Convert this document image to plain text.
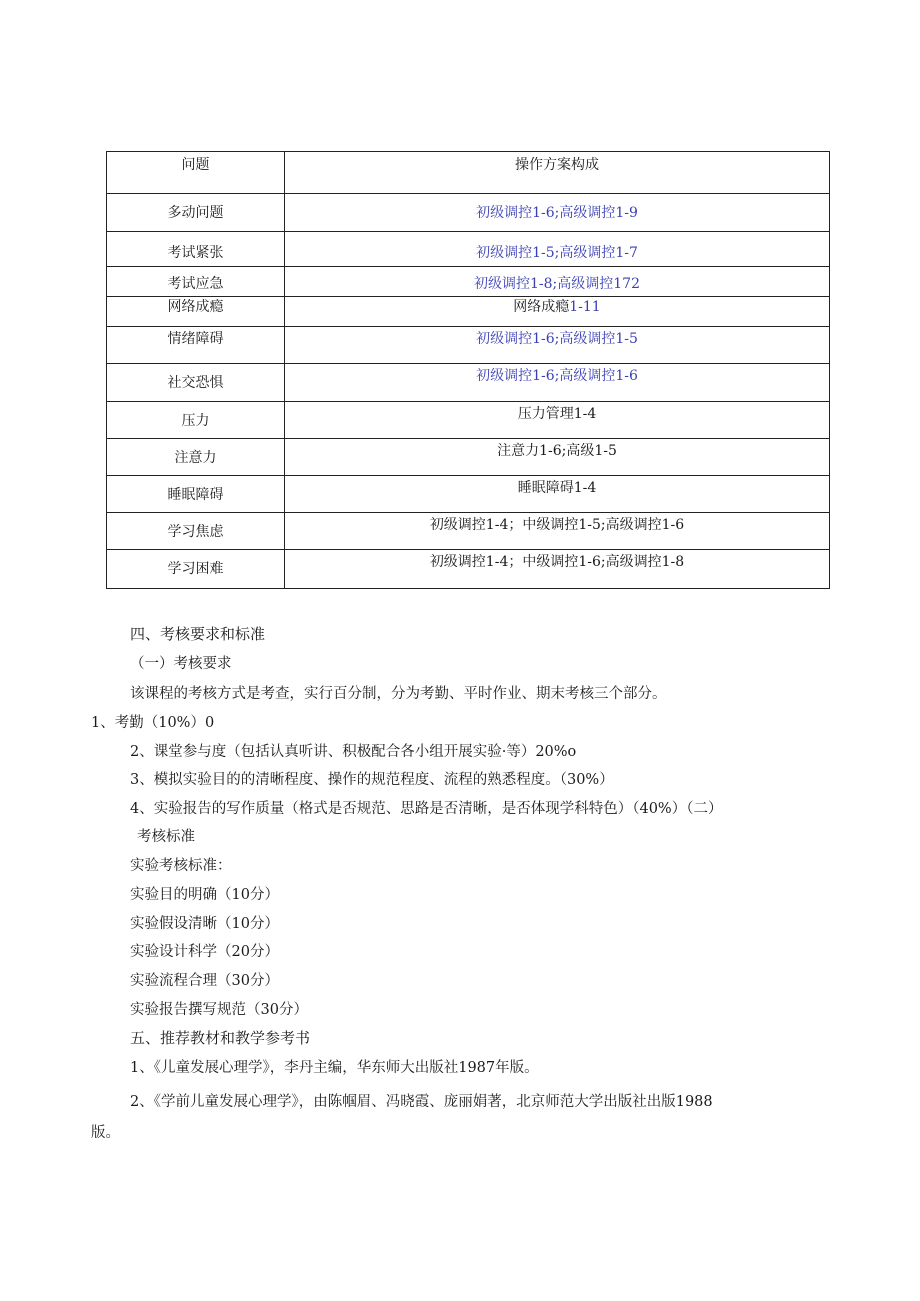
问题	操作方案构成

多动问题	初级调控1-6;高级调控1-9

考试紧张	初级调控1-5;高级调控1-7

考试应急	初级调控1-8;高级调控172

网络成瘾	网络成瘾1-11

情绪障碍	初级调控1-6;高级调控1-5

社交恐惧	初级调控1-6;高级调控1-6

压力	压力管理1-4

注意力	注意力1-6;高级1-5

睡眠障碍	睡眠障碍1-4

学习焦虑	初级调控1-4；中级调控1-5;高级调控1-6

学习困难	初级调控1-4；中级调控1-6;高级调控1-8
四、考核要求和标准
（一）考核要求
该课程的考核方式是考查，实行百分制，分为考勤、平时作业、期末考核三个部分。
1、考勤（10%）0
2、课堂参与度（包括认真听讲、积极配合各小组开展实验·等）20%o
3、模拟实验目的的清晰程度、操作的规范程度、流程的熟悉程度。（30%）
4、实验报告的写作质量（格式是否规范、思路是否清晰，是否体现学科特色）（40%）（二）
考核标准
实验考核标准：
实验目的明确（10分）
实验假设清晰（10分）
实验设计科学（20分）
实验流程合理（30分）
实验报告撰写规范（30分）
五、推荐教材和教学参考书
1、《儿童发展心理学》，李丹主编，华东师大出版社1987年版。
2、《学前儿童发展心理学》，由陈帼眉、冯晓霞、庞丽娟著，北京师范大学出版社出版1988
版。
